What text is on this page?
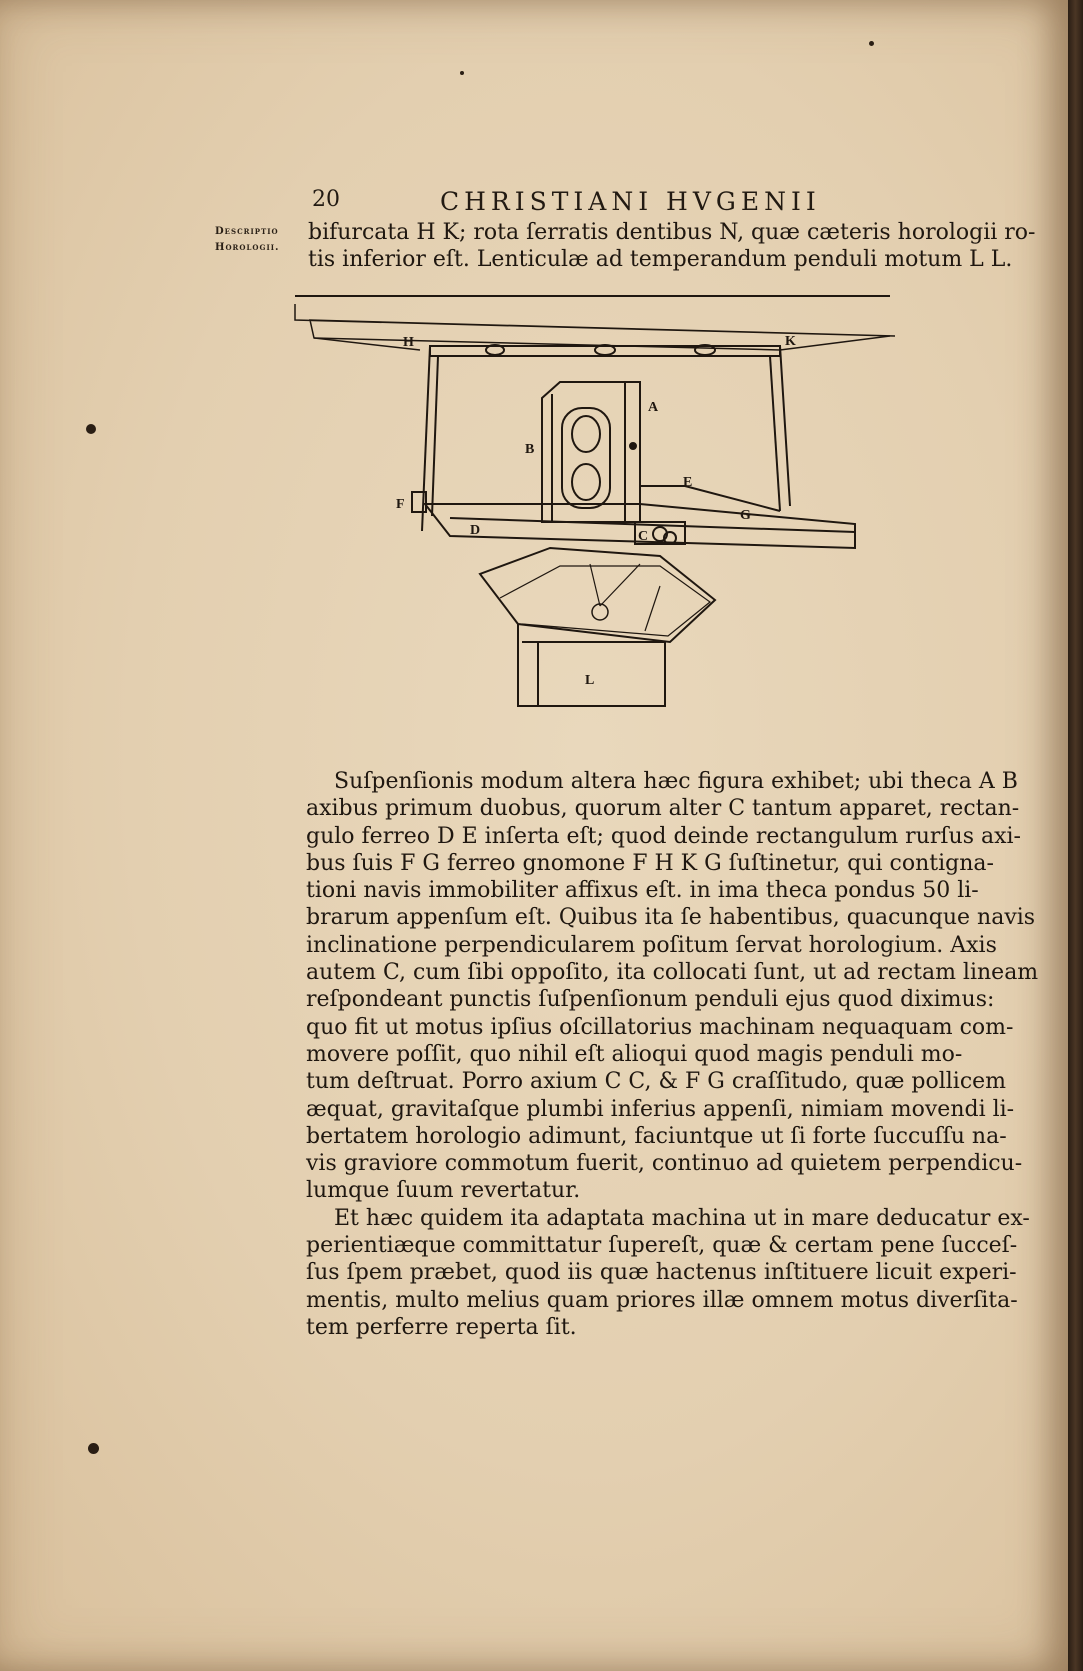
20	CHRISTIANI HVGENII
Descriptio
Horologii.
bifurcata H K; rota ſerratis dentibus N, quæ cæteris horologii ro-
tis inferior eſt. Lenticulæ ad temperandum penduli motum L L.
H	K
A
B
E
F
G
D	C
L
Suſpenſionis modum altera hæc figura exhibet; ubi theca A B
axibus primum duobus, quorum alter C tantum apparet, rectan-
gulo ferreo D E inſerta eſt; quod deinde rectangulum rurſus axi-
bus ſuis F G ferreo gnomone F H K G ſuſtinetur, qui contigna-
tioni navis immobiliter affixus eſt. in ima theca pondus 50 li-
brarum appenſum eſt. Quibus ita ſe habentibus, quacunque navis
inclinatione perpendicularem poſitum ſervat horologium. Axis
autem C, cum ſibi oppoſito, ita collocati ſunt, ut ad rectam lineam
reſpondeant punctis ſuſpenſionum penduli ejus quod diximus:
quo fit ut motus ipſius oſcillatorius machinam nequaquam com-
movere poſſit, quo nihil eſt alioqui quod magis penduli mo-
tum deſtruat. Porro axium C C, & F G craſſitudo, quæ pollicem
æquat, gravitaſque plumbi inferius appenſi, nimiam movendi li-
bertatem horologio adimunt, faciuntque ut ſi forte ſuccuſſu na-
vis graviore commotum fuerit, continuo ad quietem perpendicu-
lumque ſuum revertatur.
Et hæc quidem ita adaptata machina ut in mare deducatur ex-
perientiæque committatur ſupereſt, quæ & certam pene ſucceſ-
ſus ſpem præbet, quod iis quæ hactenus inſtituere licuit experi-
mentis, multo melius quam priores illæ omnem motus diverſita-
tem perferre reperta ſit.
